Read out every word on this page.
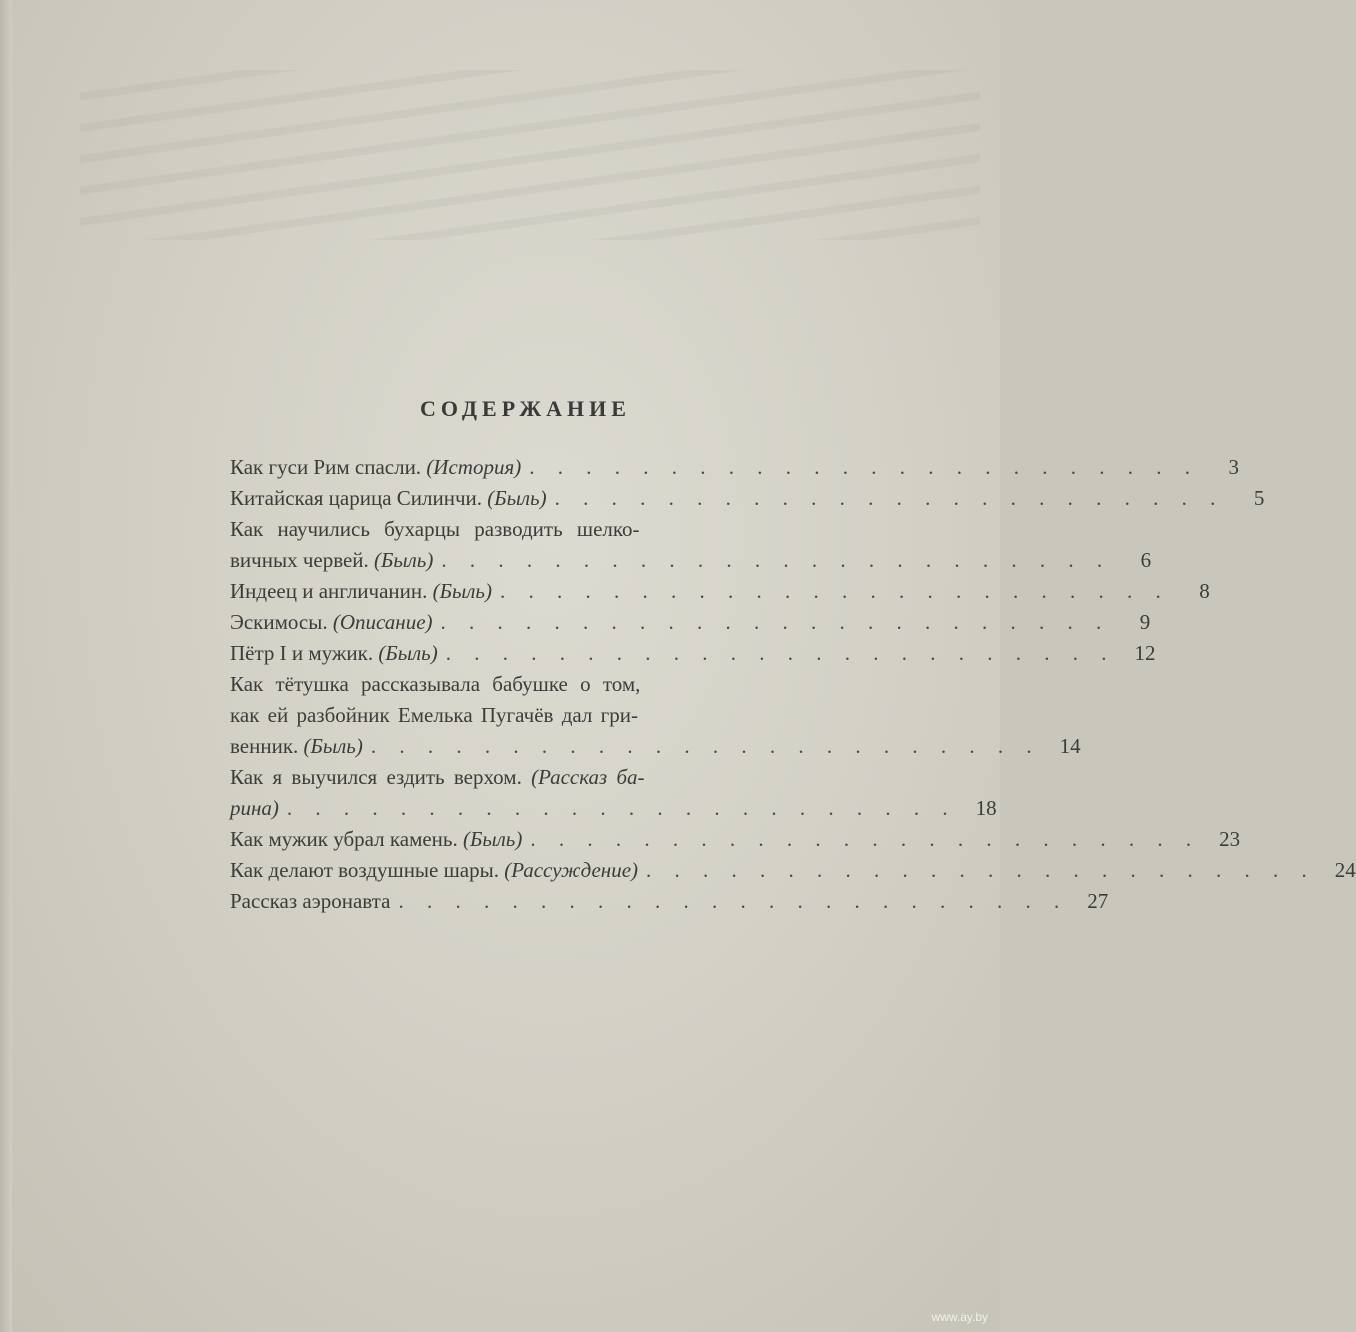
СОДЕРЖАНИЕ
Как гуси Рим спасли. (История) . . . . . . . . . . . . . . . . . . . . . . . .	3
Китайская царица Силинчи. (Быль) . . . . . . . . . . . . . . . . . . . . . . . .	5
Как научились бухарцы разводить шелко-
вичных червей. (Быль) . . . . . . . . . . . . . . . . . . . . . . . .	6
Индеец и англичанин. (Быль) . . . . . . . . . . . . . . . . . . . . . . . .	8
Эскимосы. (Описание) . . . . . . . . . . . . . . . . . . . . . . . .	9
Пётр I и мужик. (Быль) . . . . . . . . . . . . . . . . . . . . . . . . 12
Как тётушка рассказывала бабушке о том,
как ей разбойник Емелька Пугачёв дал гри-
венник. (Быль) . . . . . . . . . . . . . . . . . . . . . . . . 14
Как я выучился ездить верхом. (Рассказ ба-
рина) . . . . . . . . . . . . . . . . . . . . . . . . 18
Как мужик убрал камень. (Быль) . . . . . . . . . . . . . . . . . . . . . . . . 23
Как делают воздушные шары. (Рассуждение) . . . . . . . . . . . . . . . . . . . . . . . . 24
Рассказ аэронавта . . . . . . . . . . . . . . . . . . . . . . . . 27
www.ay.by
